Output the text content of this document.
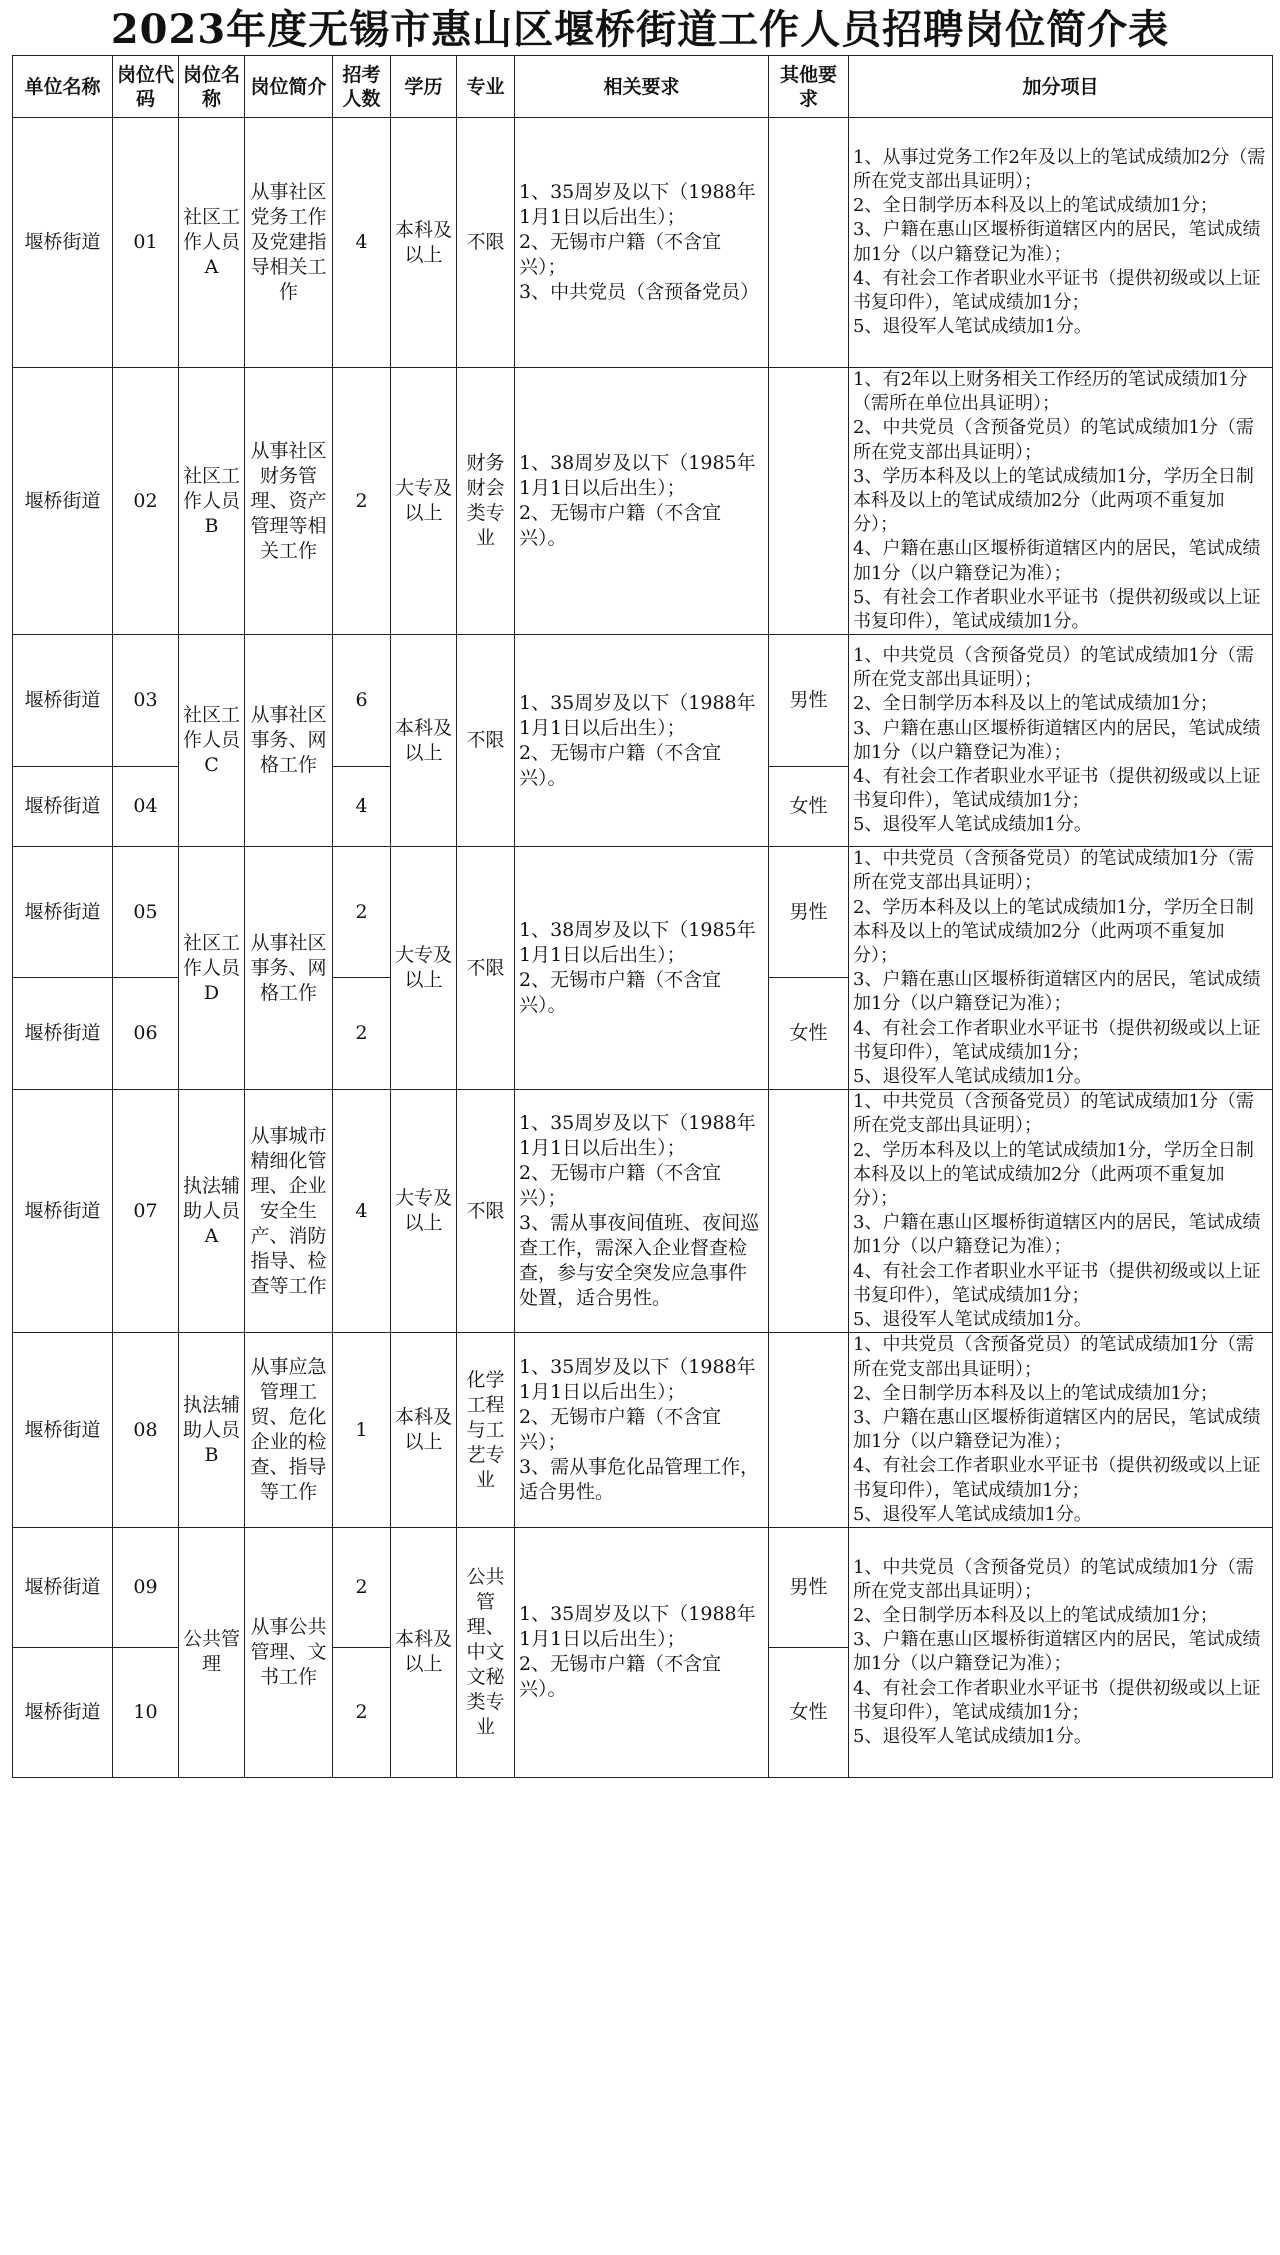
2023年度无锡市惠山区堰桥街道工作人员招聘岗位简介表
单位名称	岗位代码	岗位名称	岗位简介	招考人数	学历	专业	相关要求	其他要求	加分项目
堰桥街道	01	社区工作人员A	从事社区党务工作及党建指导相关工作	4	本科及以上	不限	1、35周岁及以下（1988年1月1日以后出生）；
2、无锡市户籍（不含宜兴）；
3、中共党员（含预备党员）		1、从事过党务工作2年及以上的笔试成绩加2分（需所在党支部出具证明）；
2、全日制学历本科及以上的笔试成绩加1分；
3、户籍在惠山区堰桥街道辖区内的居民，笔试成绩加1分（以户籍登记为准）；
4、有社会工作者职业水平证书（提供初级或以上证书复印件），笔试成绩加1分；
5、退役军人笔试成绩加1分。
堰桥街道	02	社区工作人员B	从事社区财务管理、资产管理等相关工作	2	大专及以上	财务财会类专业	1、38周岁及以下（1985年1月1日以后出生）；
2、无锡市户籍（不含宜兴）。		1、有2年以上财务相关工作经历的笔试成绩加1分（需所在单位出具证明）；
2、中共党员（含预备党员）的笔试成绩加1分（需所在党支部出具证明）；
3、学历本科及以上的笔试成绩加1分，学历全日制本科及以上的笔试成绩加2分（此两项不重复加分）；
4、户籍在惠山区堰桥街道辖区内的居民，笔试成绩加1分（以户籍登记为准）；
5、有社会工作者职业水平证书（提供初级或以上证书复印件），笔试成绩加1分。
堰桥街道	03	社区工作人员C	从事社区事务、网格工作	6	本科及以上	不限	1、35周岁及以下（1988年1月1日以后出生）；
2、无锡市户籍（不含宜兴）。	男性	1、中共党员（含预备党员）的笔试成绩加1分（需所在党支部出具证明）；
2、全日制学历本科及以上的笔试成绩加1分；
3、户籍在惠山区堰桥街道辖区内的居民，笔试成绩加1分（以户籍登记为准）；
4、有社会工作者职业水平证书（提供初级或以上证书复印件），笔试成绩加1分；
5、退役军人笔试成绩加1分。
堰桥街道	04			4				女性	
堰桥街道	05	社区工作人员D	从事社区事务、网格工作	2	大专及以上	不限	1、38周岁及以下（1985年1月1日以后出生）；
2、无锡市户籍（不含宜兴）。	男性	1、中共党员（含预备党员）的笔试成绩加1分（需所在党支部出具证明）；
2、学历本科及以上的笔试成绩加1分，学历全日制本科及以上的笔试成绩加2分（此两项不重复加分）；
3、户籍在惠山区堰桥街道辖区内的居民，笔试成绩加1分（以户籍登记为准）；
4、有社会工作者职业水平证书（提供初级或以上证书复印件），笔试成绩加1分；
5、退役军人笔试成绩加1分。
堰桥街道	06			2				女性	
堰桥街道	07	执法辅助人员A	从事城市精细化管理、企业安全生产、消防指导、检查等工作	4	大专及以上	不限	1、35周岁及以下（1988年1月1日以后出生）；
2、无锡市户籍（不含宜兴）；
3、需从事夜间值班、夜间巡查工作，需深入企业督查检查，参与安全突发应急事件处置，适合男性。		1、中共党员（含预备党员）的笔试成绩加1分（需所在党支部出具证明）；
2、学历本科及以上的笔试成绩加1分，学历全日制本科及以上的笔试成绩加2分（此两项不重复加分）；
3、户籍在惠山区堰桥街道辖区内的居民，笔试成绩加1分（以户籍登记为准）；
4、有社会工作者职业水平证书（提供初级或以上证书复印件），笔试成绩加1分；
5、退役军人笔试成绩加1分。
堰桥街道	08	执法辅助人员B	从事应急管理工贸、危化企业的检查、指导等工作	1	本科及以上	化学工程与工艺专业	1、35周岁及以下（1988年1月1日以后出生）；
2、无锡市户籍（不含宜兴）；
3、需从事危化品管理工作，适合男性。		1、中共党员（含预备党员）的笔试成绩加1分（需所在党支部出具证明）；
2、全日制学历本科及以上的笔试成绩加1分；
3、户籍在惠山区堰桥街道辖区内的居民，笔试成绩加1分（以户籍登记为准）；
4、有社会工作者职业水平证书（提供初级或以上证书复印件），笔试成绩加1分；
5、退役军人笔试成绩加1分。
堰桥街道	09	公共管理	从事公共管理、文书工作	2	本科及以上	公共管理、中文文秘类专业	1、35周岁及以下（1988年1月1日以后出生）；
2、无锡市户籍（不含宜兴）。	男性	1、中共党员（含预备党员）的笔试成绩加1分（需所在党支部出具证明）；
2、全日制学历本科及以上的笔试成绩加1分；
3、户籍在惠山区堰桥街道辖区内的居民，笔试成绩加1分（以户籍登记为准）；
4、有社会工作者职业水平证书（提供初级或以上证书复印件），笔试成绩加1分；
5、退役军人笔试成绩加1分。
堰桥街道	10			2				女性	
